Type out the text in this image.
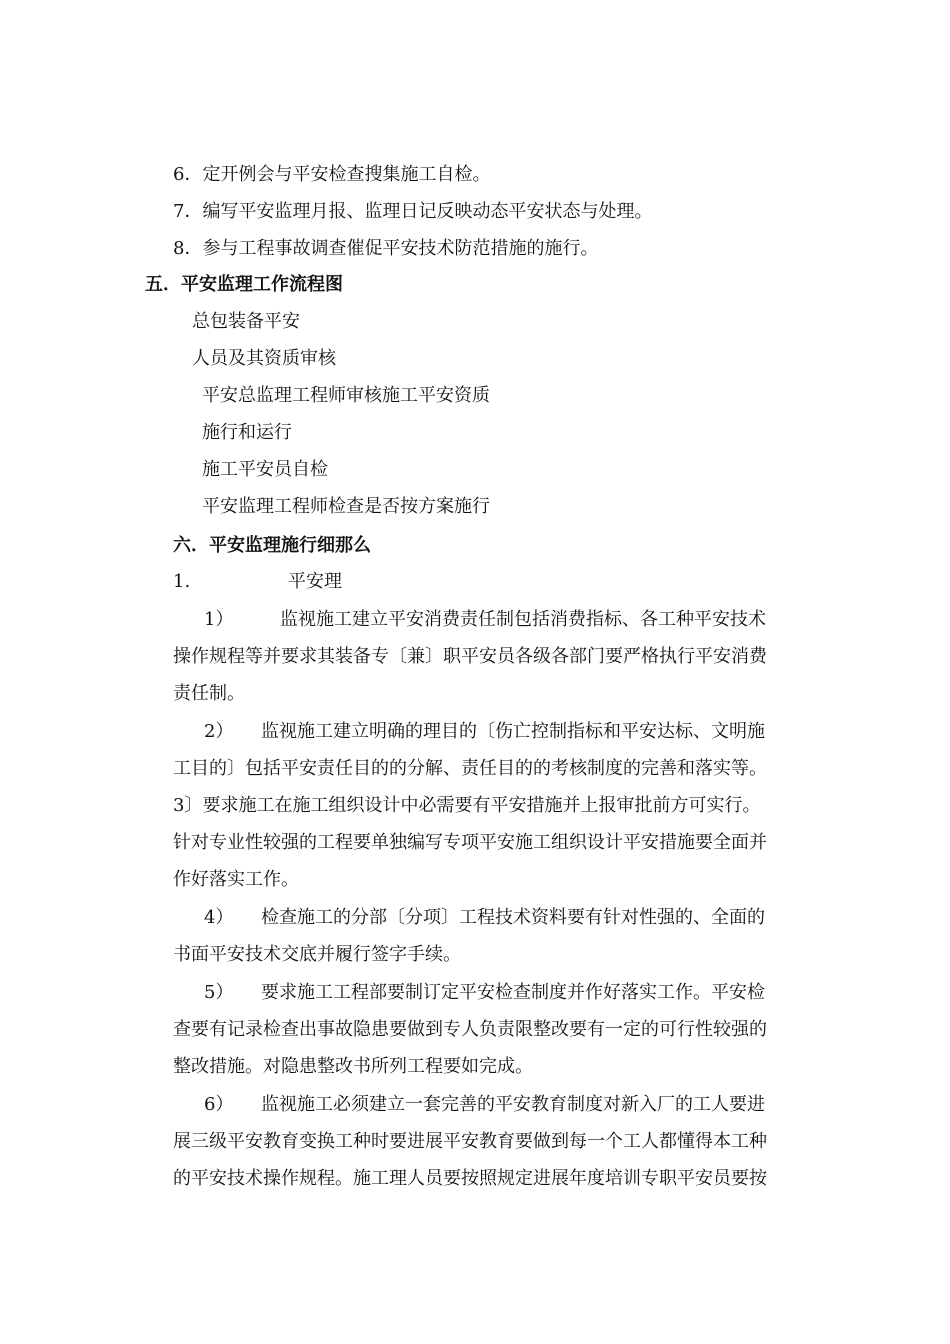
6．定开例会与平安检查搜集施工自检。
7．编写平安监理月报、监理日记反映动态平安状态与处理。
8．参与工程事故调查催促平安技术防范措施的施行。
五．平安监理工作流程图
总包装备平安
人员及其资质审核
平安总监理工程师审核施工平安资质
施行和运行
施工平安员自检
平安监理工程师检查是否按方案施行
六．平安监理施行细那么
1.	平安理
1）	监视施工建立平安消费责任制包括消费指标、各工种平安技术
操作规程等并要求其装备专〔兼〕职平安员各级各部门要严格执行平安消费
责任制。
2） 监视施工建立明确的理目的〔伤亡控制指标和平安达标、文明施
工目的〕包括平安责任目的的分解、责任目的的考核制度的完善和落实等。
3〕要求施工在施工组织设计中必需要有平安措施并上报审批前方可实行。
针对专业性较强的工程要单独编写专项平安施工组织设计平安措施要全面并
作好落实工作。
4） 检查施工的分部〔分项〕工程技术资料要有针对性强的、全面的
书面平安技术交底并履行签字手续。
5） 要求施工工程部要制订定平安检查制度并作好落实工作。平安检
查要有记录检查出事故隐患要做到专人负责限整改要有一定的可行性较强的
整改措施。对隐患整改书所列工程要如完成。
6） 监视施工必须建立一套完善的平安教育制度对新入厂的工人要进
展三级平安教育变换工种时要进展平安教育要做到每一个工人都懂得本工种
的平安技术操作规程。施工理人员要按照规定进展年度培训专职平安员要按
